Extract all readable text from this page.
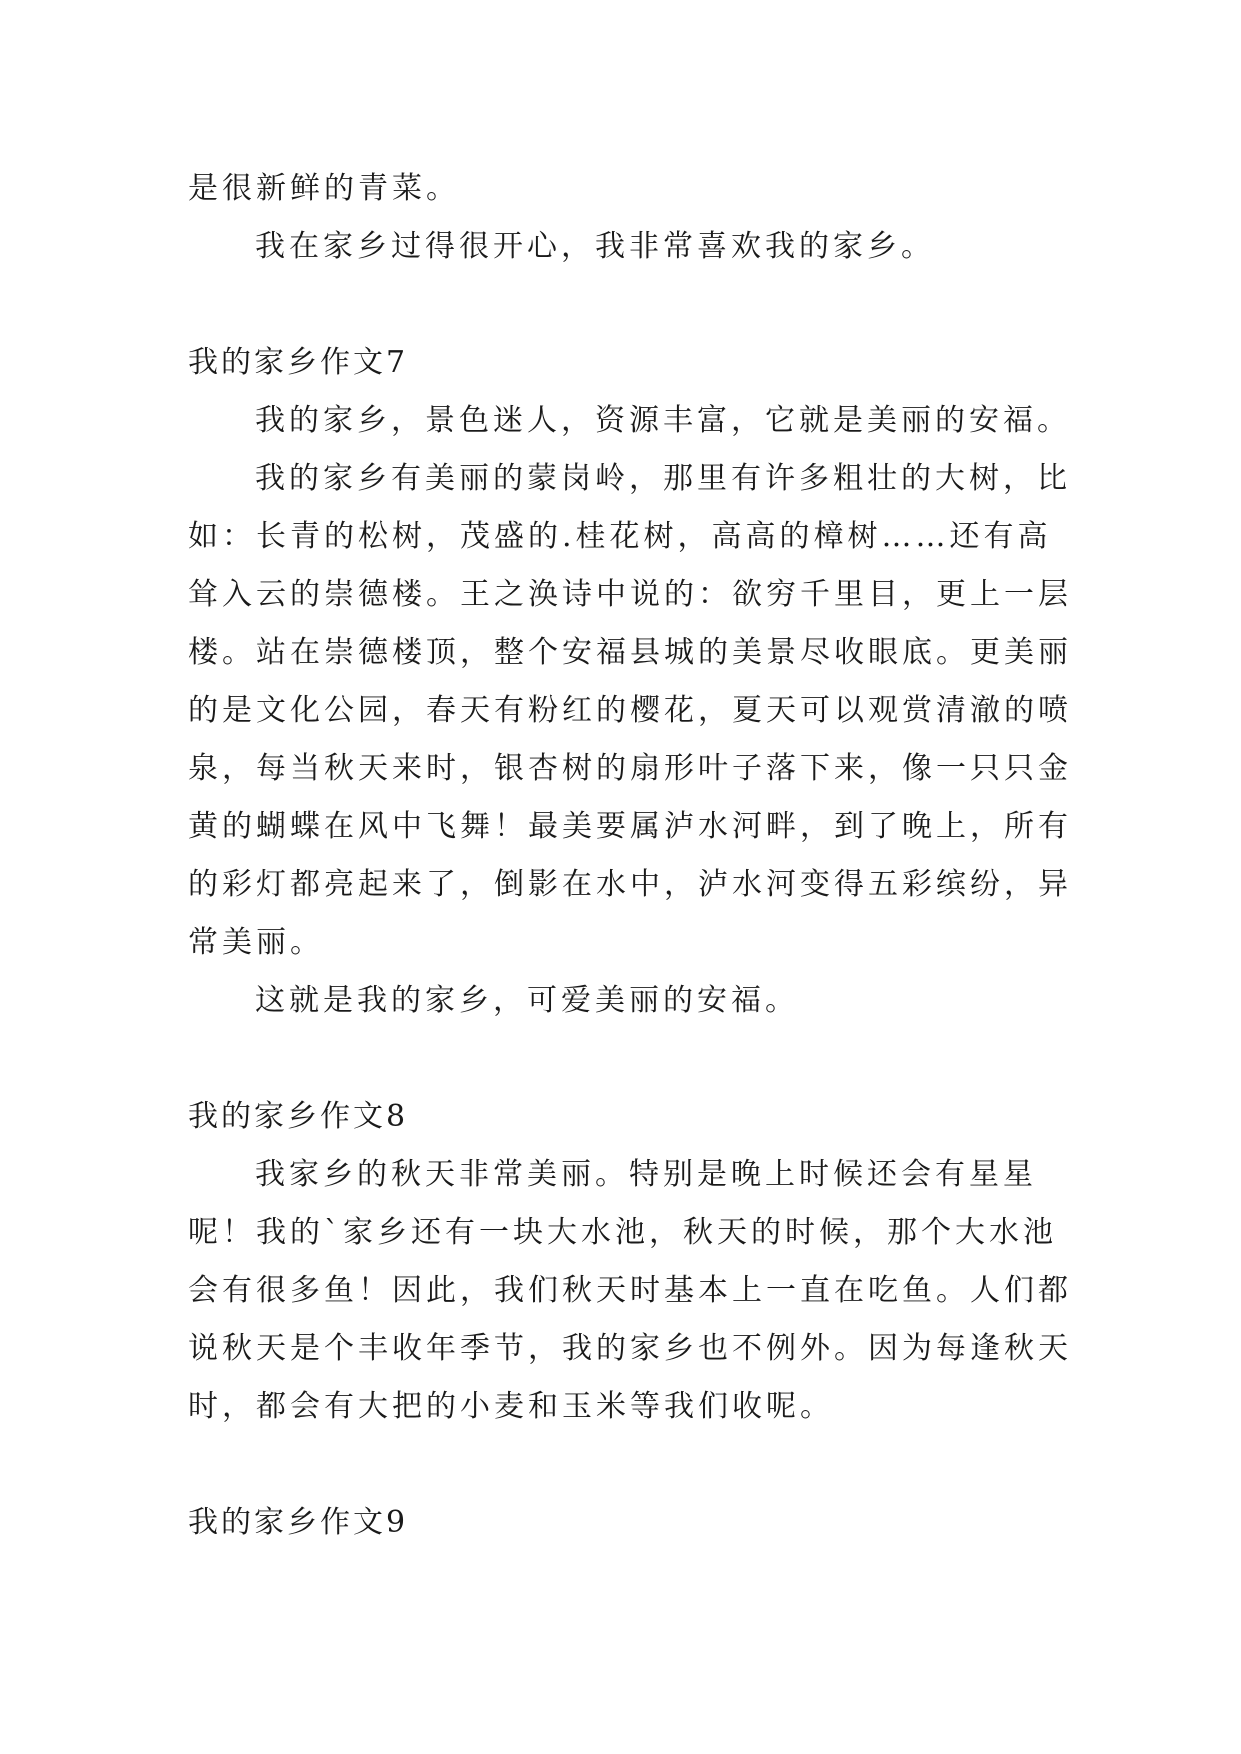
是很新鲜的青菜。
我在家乡过得很开心，我非常喜欢我的家乡。
我的家乡作文7
我的家乡，景色迷人，资源丰富，它就是美丽的安福。
我的家乡有美丽的蒙岗岭，那里有许多粗壮的大树，比
如：长青的松树，茂盛的.桂花树，高高的樟树……还有高
耸入云的崇德楼。王之涣诗中说的：欲穷千里目，更上一层
楼。站在崇德楼顶，整个安福县城的美景尽收眼底。更美丽
的是文化公园，春天有粉红的樱花，夏天可以观赏清澈的喷
泉，每当秋天来时，银杏树的扇形叶子落下来，像一只只金
黄的蝴蝶在风中飞舞！最美要属泸水河畔，到了晚上，所有
的彩灯都亮起来了，倒影在水中，泸水河变得五彩缤纷，异
常美丽。
这就是我的家乡，可爱美丽的安福。
我的家乡作文8
我家乡的秋天非常美丽。特别是晚上时候还会有星星
呢！我的`家乡还有一块大水池，秋天的时候，那个大水池
会有很多鱼！因此，我们秋天时基本上一直在吃鱼。人们都
说秋天是个丰收年季节，我的家乡也不例外。因为每逢秋天
时，都会有大把的小麦和玉米等我们收呢。
我的家乡作文9
